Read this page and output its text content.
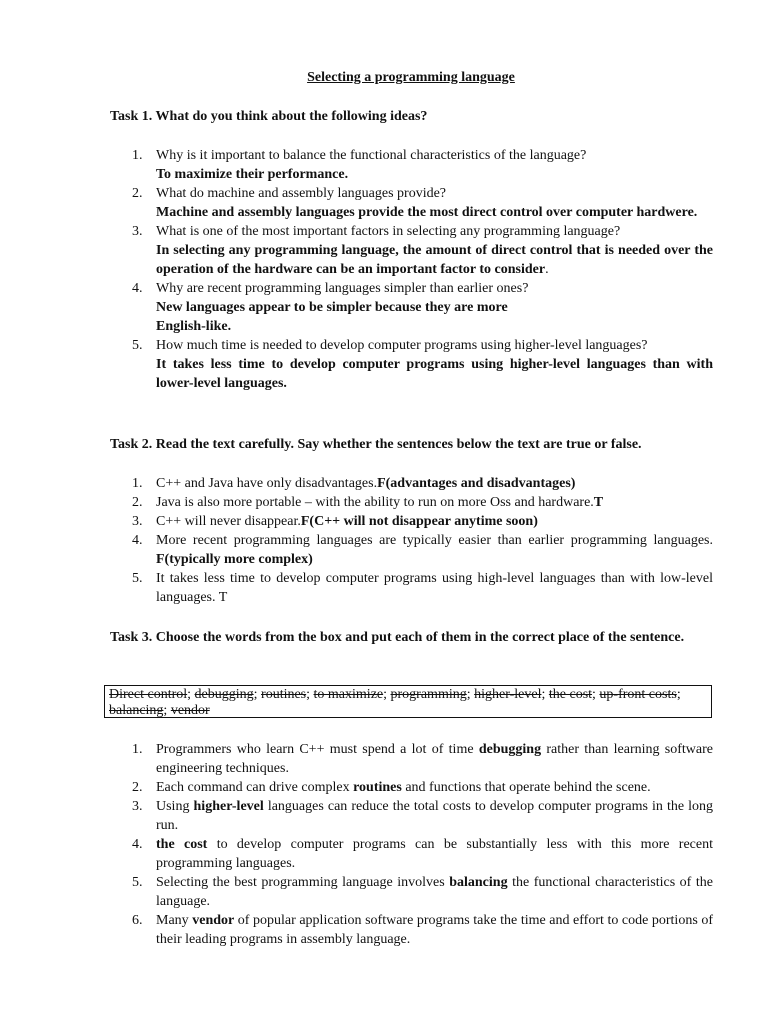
Selecting a programming language
Task 1. What do you think about the following ideas?
1. Why is it important to balance the functional characteristics of the language?
To maximize their performance.
2. What do machine and assembly languages provide?
Machine and assembly languages provide the most direct control over computer hardwere.
3. What is one of the most important factors in selecting any programming language?
In selecting any programming language, the amount of direct control that is needed over the operation of the hardware can be an important factor to consider.
4. Why are recent programming languages simpler than earlier ones?
New languages appear to be simpler because they are more
English-like.
5. How much time is needed to develop computer programs using higher-level languages?
It takes less time to develop computer programs using higher-level languages than with lower-level languages.
Task 2. Read the text carefully. Say whether the sentences below the text are true or false.
1. C++ and Java have only disadvantages.F(advantages and disadvantages)
2. Java is also more portable – with the ability to run on more Oss and hardware.T
3. C++ will never disappear.F(C++ will not disappear anytime soon)
4. More recent programming languages are typically easier than earlier programming languages. F(typically more complex)
5. It takes less time to develop computer programs using high-level languages than with low-level languages. T
Task 3. Choose the words from the box and put each of them in the correct place of the sentence.
Direct control; debugging; routines; to maximize; programming; higher-level; the cost; up-front costs; balancing; vendor
1. Programmers who learn C++ must spend a lot of time debugging rather than learning software engineering techniques.
2. Each command can drive complex routines and functions that operate behind the scene.
3. Using higher-level languages can reduce the total costs to develop computer programs in the long run.
4. the cost to develop computer programs can be substantially less with this more recent programming languages.
5. Selecting the best programming language involves balancing the functional characteristics of the language.
6. Many vendor of popular application software programs take the time and effort to code portions of their leading programs in assembly language.
